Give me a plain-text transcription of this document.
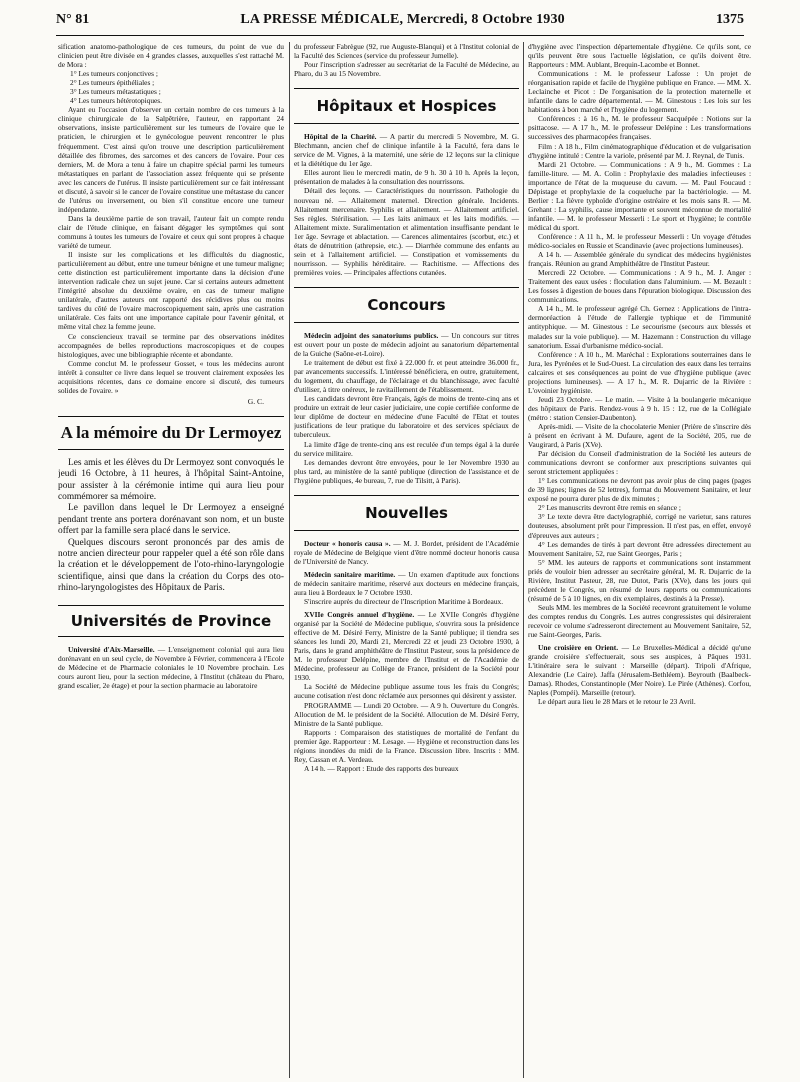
N° 81	LA PRESSE MÉDICALE, Mercredi, 8 Octobre 1930	1375

sification anatomo-pathologique de ces tumeurs, du point de vue du clinicien peut être divisée en 4 grandes classes, auxquelles s'est rattaché M. de Mora :

1° Les tumeurs conjonctives ;

2° Les tumeurs épithéliales ;

3° Les tumeurs métastatiques ;

4° Les tumeurs hétérotopiques.

Ayant eu l'occasion d'observer un certain nombre de ces tumeurs à la clinique chirurgicale de la Salpêtrière, l'auteur, en rapportant 24 observations, insiste particulièrement sur les tumeurs de l'ovaire que le praticien, le chirurgien et le gynécologue peuvent rencontrer le plus fréquemment. C'est ainsi qu'on trouve une description particulièrement détaillée des fibromes, des sarcomes et des cancers de l'ovaire. Pour ces derniers, M. de Mora a tenu à faire un chapitre spécial parmi les tumeurs métastatiques en parlant de l'association assez fréquente qui se présente avec les cancers de l'utérus. Il insiste particulièrement sur ce fait intéressant et discuté, à savoir si le cancer de l'ovaire constitue une métastase du cancer de l'utérus ou inversement, ou bien s'il constitue encore une tumeur indépendante.

Dans la deuxième partie de son travail, l'auteur fait un compte rendu clair de l'étude clinique, en faisant dégager les symptômes qui sont communs à toutes les tumeurs de l'ovaire et ceux qui sont propres à chaque variété de tumeur.

Il insiste sur les complications et les difficultés du diagnostic, particulièrement au début, entre une tumeur bénigne et une tumeur maligne; cette distinction est particulièrement importante dans la décision d'une intervention radicale chez un sujet jeune. Car si certains auteurs admettent l'intégrité absolue du deuxième ovaire, en cas de tumeur maligne unilatérale, d'autres auteurs ont rapporté des récidives plus ou moins tardives du côté de l'ovaire macroscopiquement sain, après une castration unilatérale. Ces faits ont une importance capitale pour l'avenir génital, et même vital chez la femme jeune.

Ce consciencieux travail se termine par des observations inédites accompagnées de belles reproductions macroscopiques et de coupes histologiques, avec une bibliographie récente et abondante.

Comme conclut M. le professeur Gosset, « tous les médecins auront intérêt à consulter ce livre dans lequel se trouvent clairement exposées les acquisitions récentes, dans ce domaine encore si discuté, des tumeurs solides de l'ovaire. »

G. C.
A la mémoire du Dr Lermoyez

Les amis et les élèves du Dr Lermoyez sont convoqués le jeudi 16 Octobre, à 11 heures, à l'hôpital Saint-Antoine, pour assister à la cérémonie intime qui aura lieu pour commémorer sa mémoire.

Le pavillon dans lequel le Dr Lermoyez a enseigné pendant trente ans portera dorénavant son nom, et un buste offert par la famille sera placé dans le service.

Quelques discours seront prononcés par des amis de notre ancien directeur pour rappeler quel a été son rôle dans la création et le développement de l'oto-rhino-laryngologie scientifique, ainsi que dans la création du Corps des oto-rhino-laryngologistes des Hôpitaux de Paris.

Universités de Province

Université d'Aix-Marseille. — L'enseignement colonial qui aura lieu dorénavant en un seul cycle, de Novembre à Février, commencera à l'Ecole de Médecine et de Pharmacie coloniales le 10 Novembre prochain. Les cours auront lieu, pour la section médecine, à l'Institut (château du Pharo, grand escalier, 2e étage) et pour la section pharmacie au laboratoire

du professeur Fabrègue (92, rue Auguste-Blanqui) et à l'Institut colonial de la Faculté des Sciences (service du professeur Jumelle).

Pour l'inscription s'adresser au secrétariat de la Faculté de Médecine, au Pharo, du 3 au 15 Novembre.

Hôpitaux et Hospices

Hôpital de la Charité. — A partir du mercredi 5 Novembre, M. G. Blechmann, ancien chef de clinique infantile à la Faculté, fera dans le service de M. Vignes, à la maternité, une série de 12 leçons sur la clinique et la diététique du 1er âge.

Elles auront lieu le mercredi matin, de 9 h. 30 à 10 h. Après la leçon, présentation de malades à la consultation des nourrissons.

Détail des leçons. — Caractéristiques du nourrisson. Pathologie du nouveau né. — Allaitement maternel. Direction générale. Incidents. Allaitement mercenaire. Syphilis et allaitement. — Allaitement artificiel. Ses règles. Stérilisation. — Les laits animaux et les laits modifiés. — Allaitement mixte. Suralimentation et alimentation insuffisante pendant le 1er âge. Sevrage et ablactation. — Carences alimentaires (scorbut, etc.) et états de dénutrition (athrepsie, etc.). — Diarrhée commune des enfants au sein et à l'allaitement artificiel. — Constipation et vomissements du nourrisson. — Syphilis héréditaire. — Rachitisme. — Affections des premières voies. — Principales affections cutanées.

Concours

Médecin adjoint des sanatoriums publics. — Un concours sur titres est ouvert pour un poste de médecin adjoint au sanatorium départemental de la Guiche (Saône-et-Loire).

Le traitement de début est fixé à 22.000 fr. et peut atteindre 36.000 fr., par avancements successifs. L'intéressé bénéficiera, en outre, gratuitement, du logement, du chauffage, de l'éclairage et du blanchissage, avec faculté d'utiliser, à titre onéreux, le ravitaillement de l'établissement.

Les candidats devront être Français, âgés de moins de trente-cinq ans et produire un extrait de leur casier judiciaire, une copie certifiée conforme de leur diplôme de docteur en médecine d'une Faculté de l'Etat et toutes justifications de leur pratique du laboratoire et des services spéciaux de tuberculeux.

La limite d'âge de trente-cinq ans est reculée d'un temps égal à la durée du service militaire.

Les demandes devront être envoyées, pour le 1er Novembre 1930 au plus tard, au ministère de la santé publique (direction de l'assistance et de l'hygiène publiques, 4e bureau, 7, rue de Tilsitt, à Paris).

Nouvelles

Docteur « honoris causa ». — M. J. Bordet, président de l'Académie royale de Médecine de Belgique vient d'être nommé docteur honoris causa de l'Université de Nancy.

Médecin sanitaire maritime. — Un examen d'aptitude aux fonctions de médecin sanitaire maritime, réservé aux docteurs en médecine français, aura lieu à Bordeaux le 7 Octobre 1930.

S'inscrire auprès du directeur de l'Inscription Maritime à Bordeaux.

XVIIe Congrès annuel d'hygiène. — Le XVIIe Congrès d'hygiène organisé par la Société de Médecine publique, s'ouvrira sous la présidence effective de M. Désiré Ferry, Ministre de la Santé publique; il tiendra ses séances les lundi 20, Mardi 21, Mercredi 22 et jeudi 23 Octobre 1930, à Paris, dans le grand amphithéâtre de l'Institut Pasteur, sous la présidence de M. le professeur Delépine, membre de l'Institut et de l'Académie de Médecine, professeur au Collège de France, président de la Société pour 1930.

La Société de Médecine publique assume tous les frais du Congrès; aucune cotisation n'est donc réclamée aux personnes qui désirent y assister.

PROGRAMME — Lundi 20 Octobre. — A 9 h. Ouverture du Congrès. Allocution de M. le président de la Société. Allocution de M. Désiré Ferry, Ministre de la Santé publique.

Rapports : Comparaison des statistiques de mortalité de l'enfant du premier âge. Rapporteur : M. Lesage. — Hygiène et reconstruction dans les régions inondées du midi de la France. Discussion libre. Inscrits : MM. Rey, Cassan et A. Verdeau.

A 14 h. — Rapport : Etude des rapports des bureaux

d'hygiène avec l'inspection départementale d'hygiène. Ce qu'ils sont, ce qu'ils peuvent être sous l'actuelle législation, ce qu'ils doivent être. Rapporteurs : MM. Aublant, Brequin-Lacombe et Bonnet.

Communications : M. le professeur Lafosse : Un projet de réorganisation rapide et facile de l'hygiène publique en France. — MM. X. Leclainche et Picot : De l'organisation de la protection maternelle et infantile dans le cadre départemental. — M. Ginestous : Les lois sur les habitations à bon marché et l'hygiène du logement.

Conférences : à 16 h., M. le professeur Sacquépée : Notions sur la psittacose. — A 17 h., M. le professeur Delépine : Les transformations successives des pharmacopées françaises.

Film : A 18 h., Film cinématographique d'éducation et de vulgarisation d'hygiène intitulé : Centre la variole, présenté par M. J. Reynal, de Tunis.

Mardi 21 Octobre. — Communications : A 9 h., M. Gommes : La famille-liture. — M. A. Colin : Prophylaxie des maladies infectieuses : importance de l'état de la muqueuse du cavum. — M. Paul Foucaud : Dépistage et prophylaxie de la coqueluche par la bactériologie. — M. Berlier : La fièvre typhoïde d'origine ostréaire et les mois sans R. — M. Grehant : La syphilis, cause importante et souvent méconnue de mortalité infantile. — M. le professeur Messerli : Le sport et l'hygiène; le contrôle médical du sport.

Conférence : A 11 h., M. le professeur Messerli : Un voyage d'études médico-sociales en Russie et Scandinavie (avec projections lumineuses).

A 14 h. — Assemblée générale du syndicat des médecins hygiénistes français. Réunion au grand Amphithéâtre de l'Institut Pasteur.

Mercredi 22 Octobre. — Communications : A 9 h., M. J. Anger : Traitement des eaux usées : floculation dans l'aluminium. — M. Bezault : Les fosses à digestion de boues dans l'épuration biologique. Discussion des communications.

A 14 h., M. le professeur agrégé Ch. Gernez : Applications de l'intra-dermoréaction à l'étude de l'allergie typhique et de l'immunité antityphique. — M. Ginestous : Le secourisme (secours aux blessés et malades sur la voie publique). — M. Hazemann : Construction du village sanatorium. Essai d'urbanisme médico-social.

Conférence : A 10 h., M. Maréchal : Explorations souterraines dans le Jura, les Pyrénées et le Sud-Ouest. La circulation des eaux dans les terrains calcaires et ses conséquences au point de vue d'hygiène publique (avec projections lumineuses). — A 17 h., M. R. Dujarric de la Rivière : L'ovoinier hygiéniste.

Jeudi 23 Octobre. — Le matin. — Visite à la boulangerie mécanique des hôpitaux de Paris. Rendez-vous à 9 h. 15 : 12, rue de la Collégiale (métro : station Censier-Daubenton).

Après-midi. — Visite de la chocolaterie Menier (Prière de s'inscrire dès à présent en écrivant à M. Dufaure, agent de la Société, 205, rue de Vaugirard, à Paris (XVe).

Par décision du Conseil d'administration de la Société les auteurs de communications devront se conformer aux prescriptions suivantes qui seront strictement appliquées :

1° Les communications ne devront pas avoir plus de cinq pages (pages de 39 lignes; lignes de 52 lettres), format du Mouvement Sanitaire, et leur exposé ne pourra durer plus de dix minutes ;

2° Les manuscrits devront être remis en séance ;

3° Le texte devra être dactylographié, corrigé ne varietur, sans ratures douteuses, absolument prêt pour l'impression. Il n'est pas, en effet, envoyé d'épreuves aux auteurs ;

4° Les demandes de tirés à part devront être adressées directement au Mouvement Sanitaire, 52, rue Saint Georges, Paris ;

5° MM. les auteurs de rapports et communications sont instamment priés de vouloir bien adresser au secrétaire général, M. R. Dujarric de la Rivière, Institut Pasteur, 28, rue Dutot, Paris (XVe), dans les jours qui précèdent le Congrès, un résumé de leurs rapports ou communications (résumé de 5 à 10 lignes, en dix exemplaires, destinés à la Presse).

Seuls MM. les membres de la Société recevront gratuitement le volume des comptes rendus du Congrès. Les autres congressistes qui désireraient recevoir ce volume s'adresseront directement au Mouvement Sanitaire, 52, rue Saint-Georges, Paris.

Une croisière en Orient. — Le Bruxelles-Médical a décidé qu'une grande croisière s'effectuerait, sous ses auspices, à Pâques 1931. L'itinéraire sera le suivant : Marseille (départ). Tripoli d'Afrique, Alexandrie (Le Caire). Jaffa (Jérusalem-Bethléem). Beyrouth (Baalbeck-Damas). Rhodes, Constantinople (Mer Noire). Le Pirée (Athènes). Corfou, Naples (Pompéi). Marseille (retour).

Le départ aura lieu le 28 Mars et le retour le 23 Avril.
